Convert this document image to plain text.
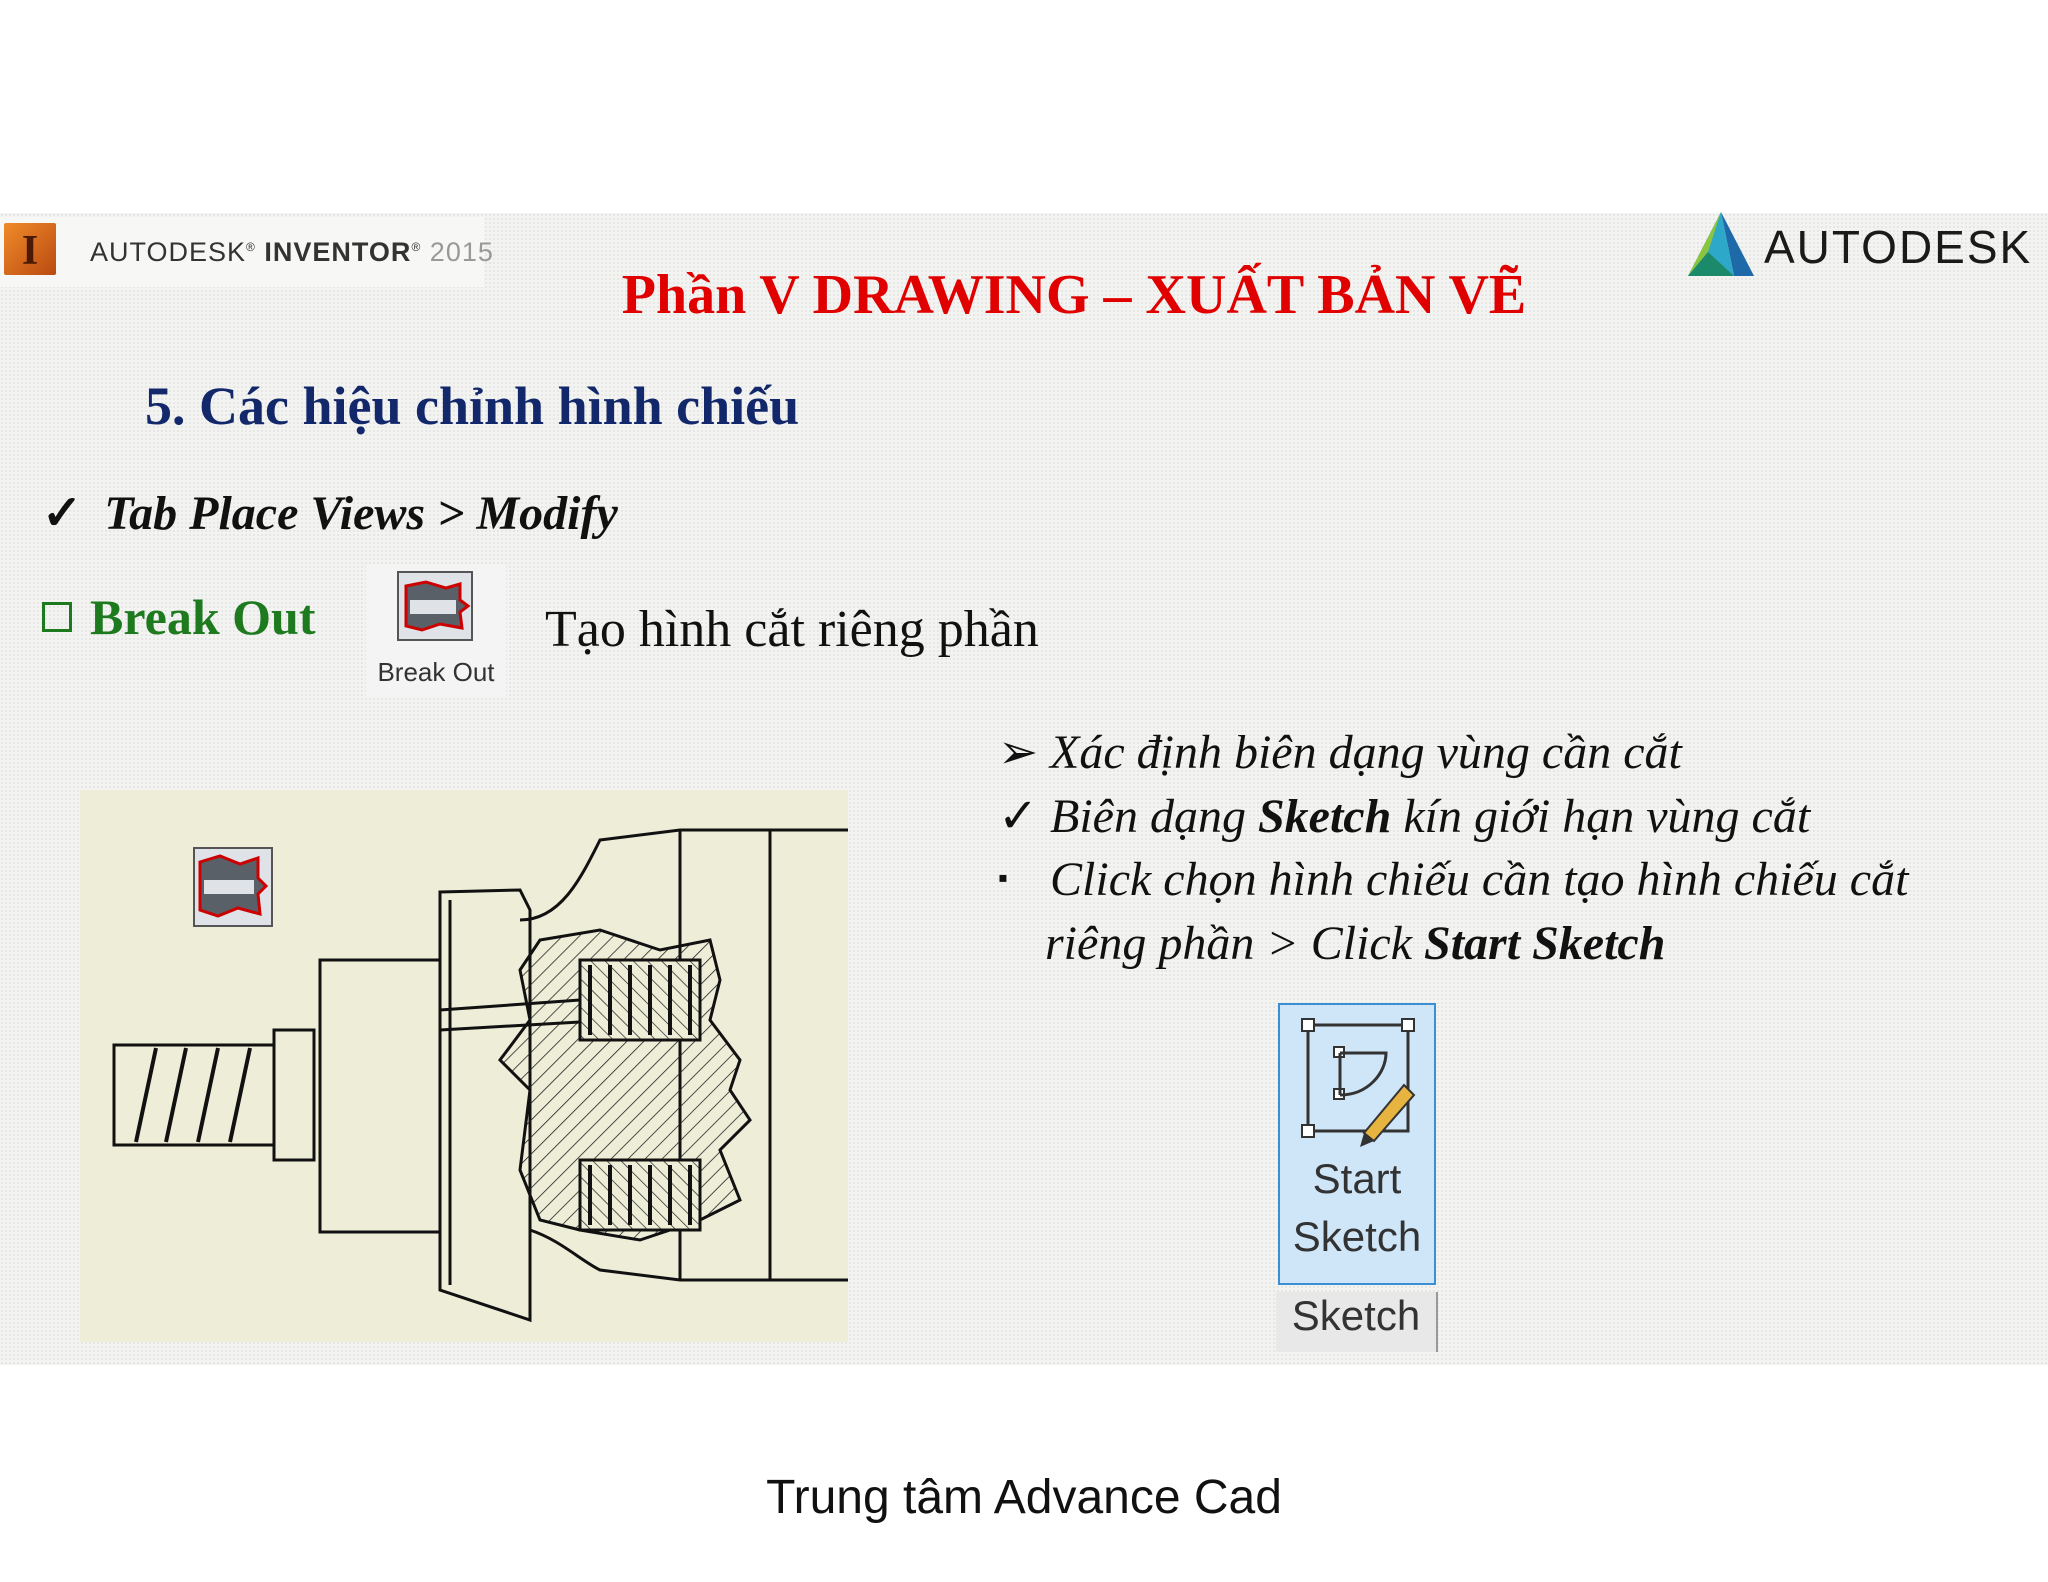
I	AUTODESK® INVENTOR® 2015	AUTODESK
Phần V DRAWING – XUẤT BẢN VẼ
5. Các hiệu chỉnh hình chiếu
✓ Tab Place Views > Modify
Break Out
Break Out
Tạo hình cắt riêng phần
➢ Xác định biên dạng vùng cần cắt
✓ Biên dạng Sketch kín giới hạn vùng cắt
▪ Click chọn hình chiếu cần tạo hình chiếu cắt
riêng phần > Click Start Sketch
Start
Sketch
Sketch
Trung tâm Advance Cad
